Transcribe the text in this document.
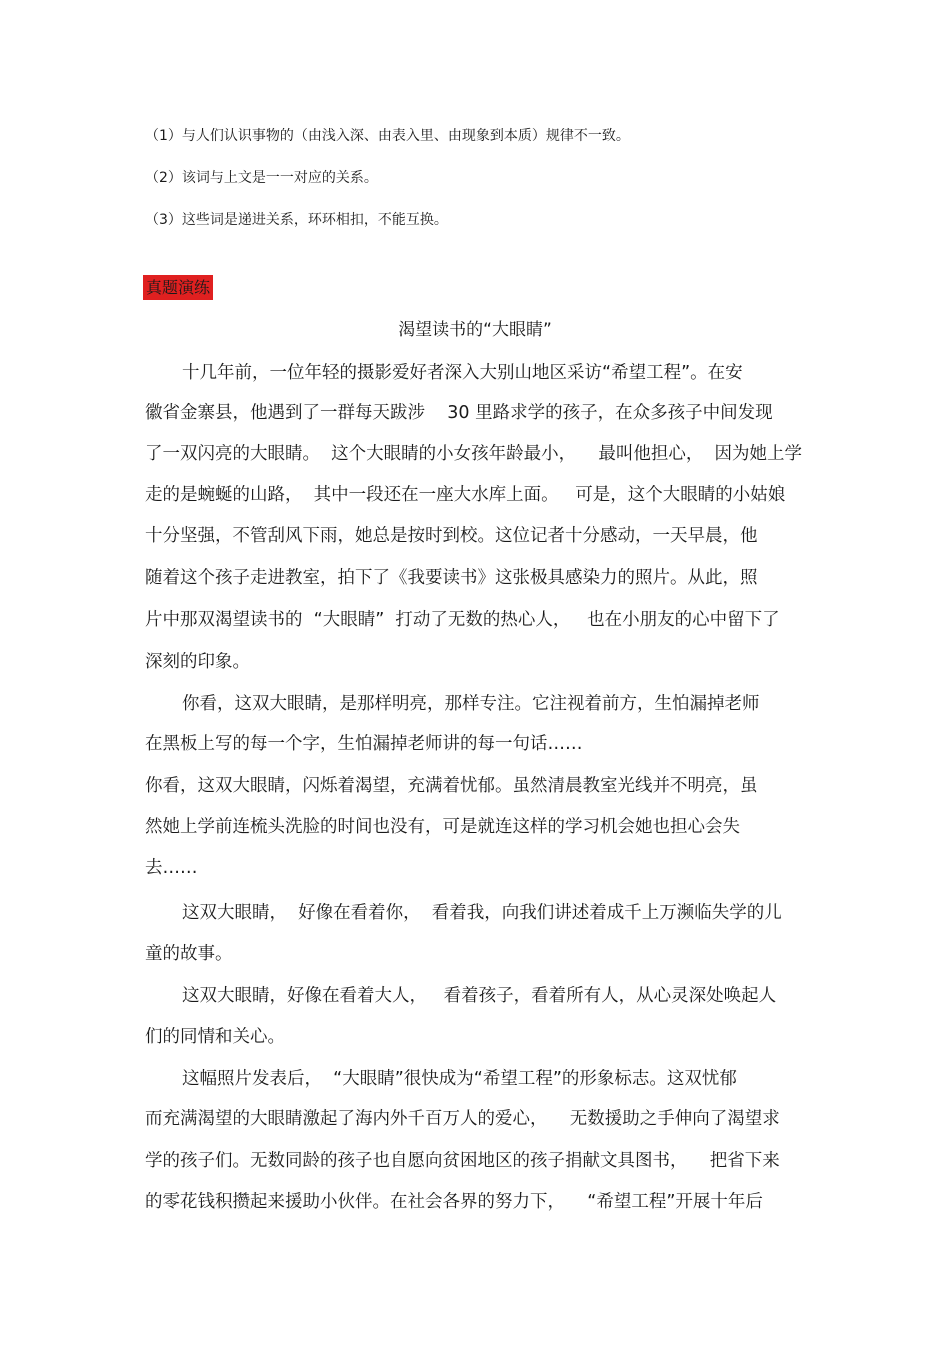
（1）与人们认识事物的（由浅入深、由表入里、由现象到本质）规律不一致。
（2）该词与上文是一一对应的关系。
（3）这些词是递进关系，环环相扣，不能互换。
真题演练
渴望读书的“大眼睛”
十几年前，一位年轻的摄影爱好者深入大别山地区采访“希望工程”。在安
徽省金寨县，他遇到了一群每天跋涉    30 里路求学的孩子，在众多孩子中间发现
了一双闪亮的大眼睛。  这个大眼睛的小女孩年龄最小，    最叫他担心，  因为她上学
走的是蜿蜒的山路，  其中一段还在一座大水库上面。   可是，这个大眼睛的小姑娘
十分坚强，不管刮风下雨，她总是按时到校。这位记者十分感动，一天早晨，他
随着这个孩子走进教室，拍下了《我要读书》这张极具感染力的照片。从此，照
片中那双渴望读书的  “大眼睛”  打动了无数的热心人，   也在小朋友的心中留下了
深刻的印象。
你看，这双大眼睛，是那样明亮，那样专注。它注视着前方，生怕漏掉老师
在黑板上写的每一个字，生怕漏掉老师讲的每一句话……
你看，这双大眼睛，闪烁着渴望，充满着忧郁。虽然清晨教室光线并不明亮，虽
然她上学前连梳头洗脸的时间也没有，可是就连这样的学习机会她也担心会失
去……
这双大眼睛，  好像在看着你，  看着我，向我们讲述着成千上万濒临失学的儿
童的故事。
这双大眼睛，好像在看着大人，   看着孩子，看着所有人，从心灵深处唤起人
们的同情和关心。
这幅照片发表后，  “大眼睛”很快成为“希望工程”的形象标志。这双忧郁
而充满渴望的大眼睛激起了海内外千百万人的爱心，    无数援助之手伸向了渴望求
学的孩子们。无数同龄的孩子也自愿向贫困地区的孩子捐献文具图书，    把省下来
的零花钱积攒起来援助小伙伴。在社会各界的努力下，    “希望工程”开展十年后
